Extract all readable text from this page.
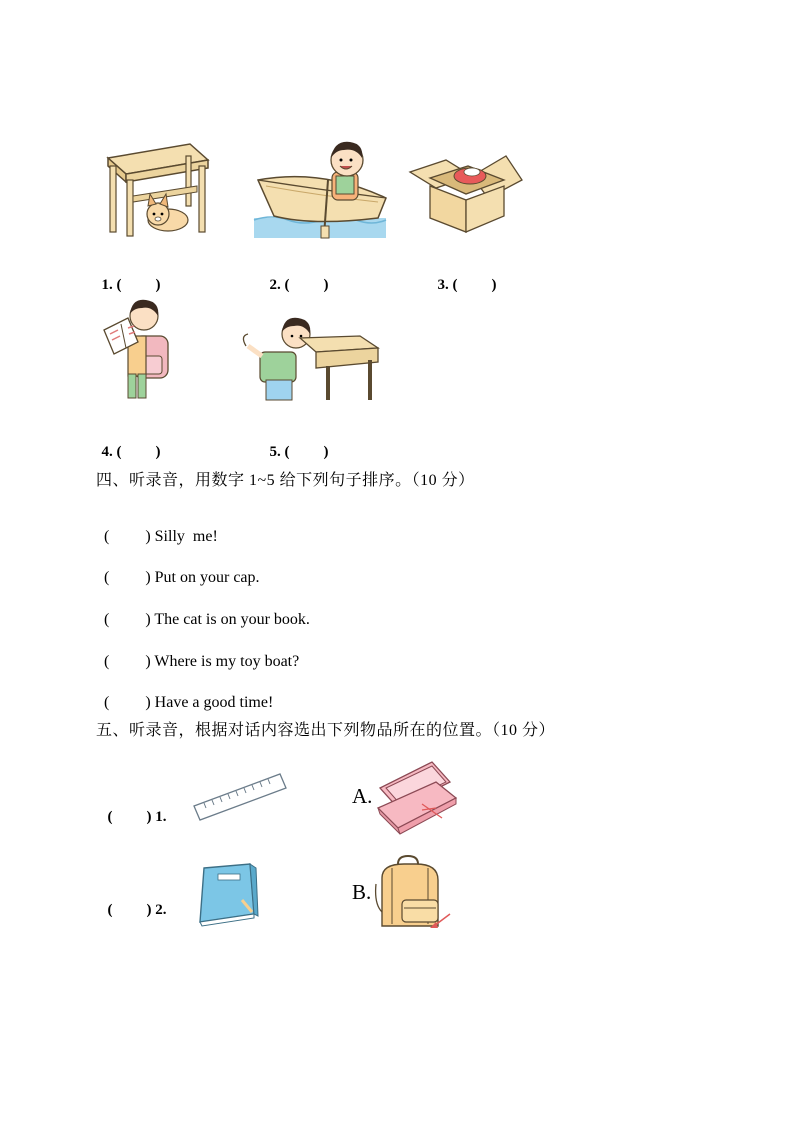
1. ( )	2. ( )	3. ( )

4. ( )	5. ( )

四、听录音，用数字 1~5 给下列句子排序。（10 分）

( ) Silly  me!

( ) Put on your cap.

( ) The cat is on your book.

( ) Where is my toy boat?

( ) Have a good time!

五、听录音，根据对话内容选出下列物品所在的位置。（10 分）

( ) 1.

( ) 2.

A.
B.
